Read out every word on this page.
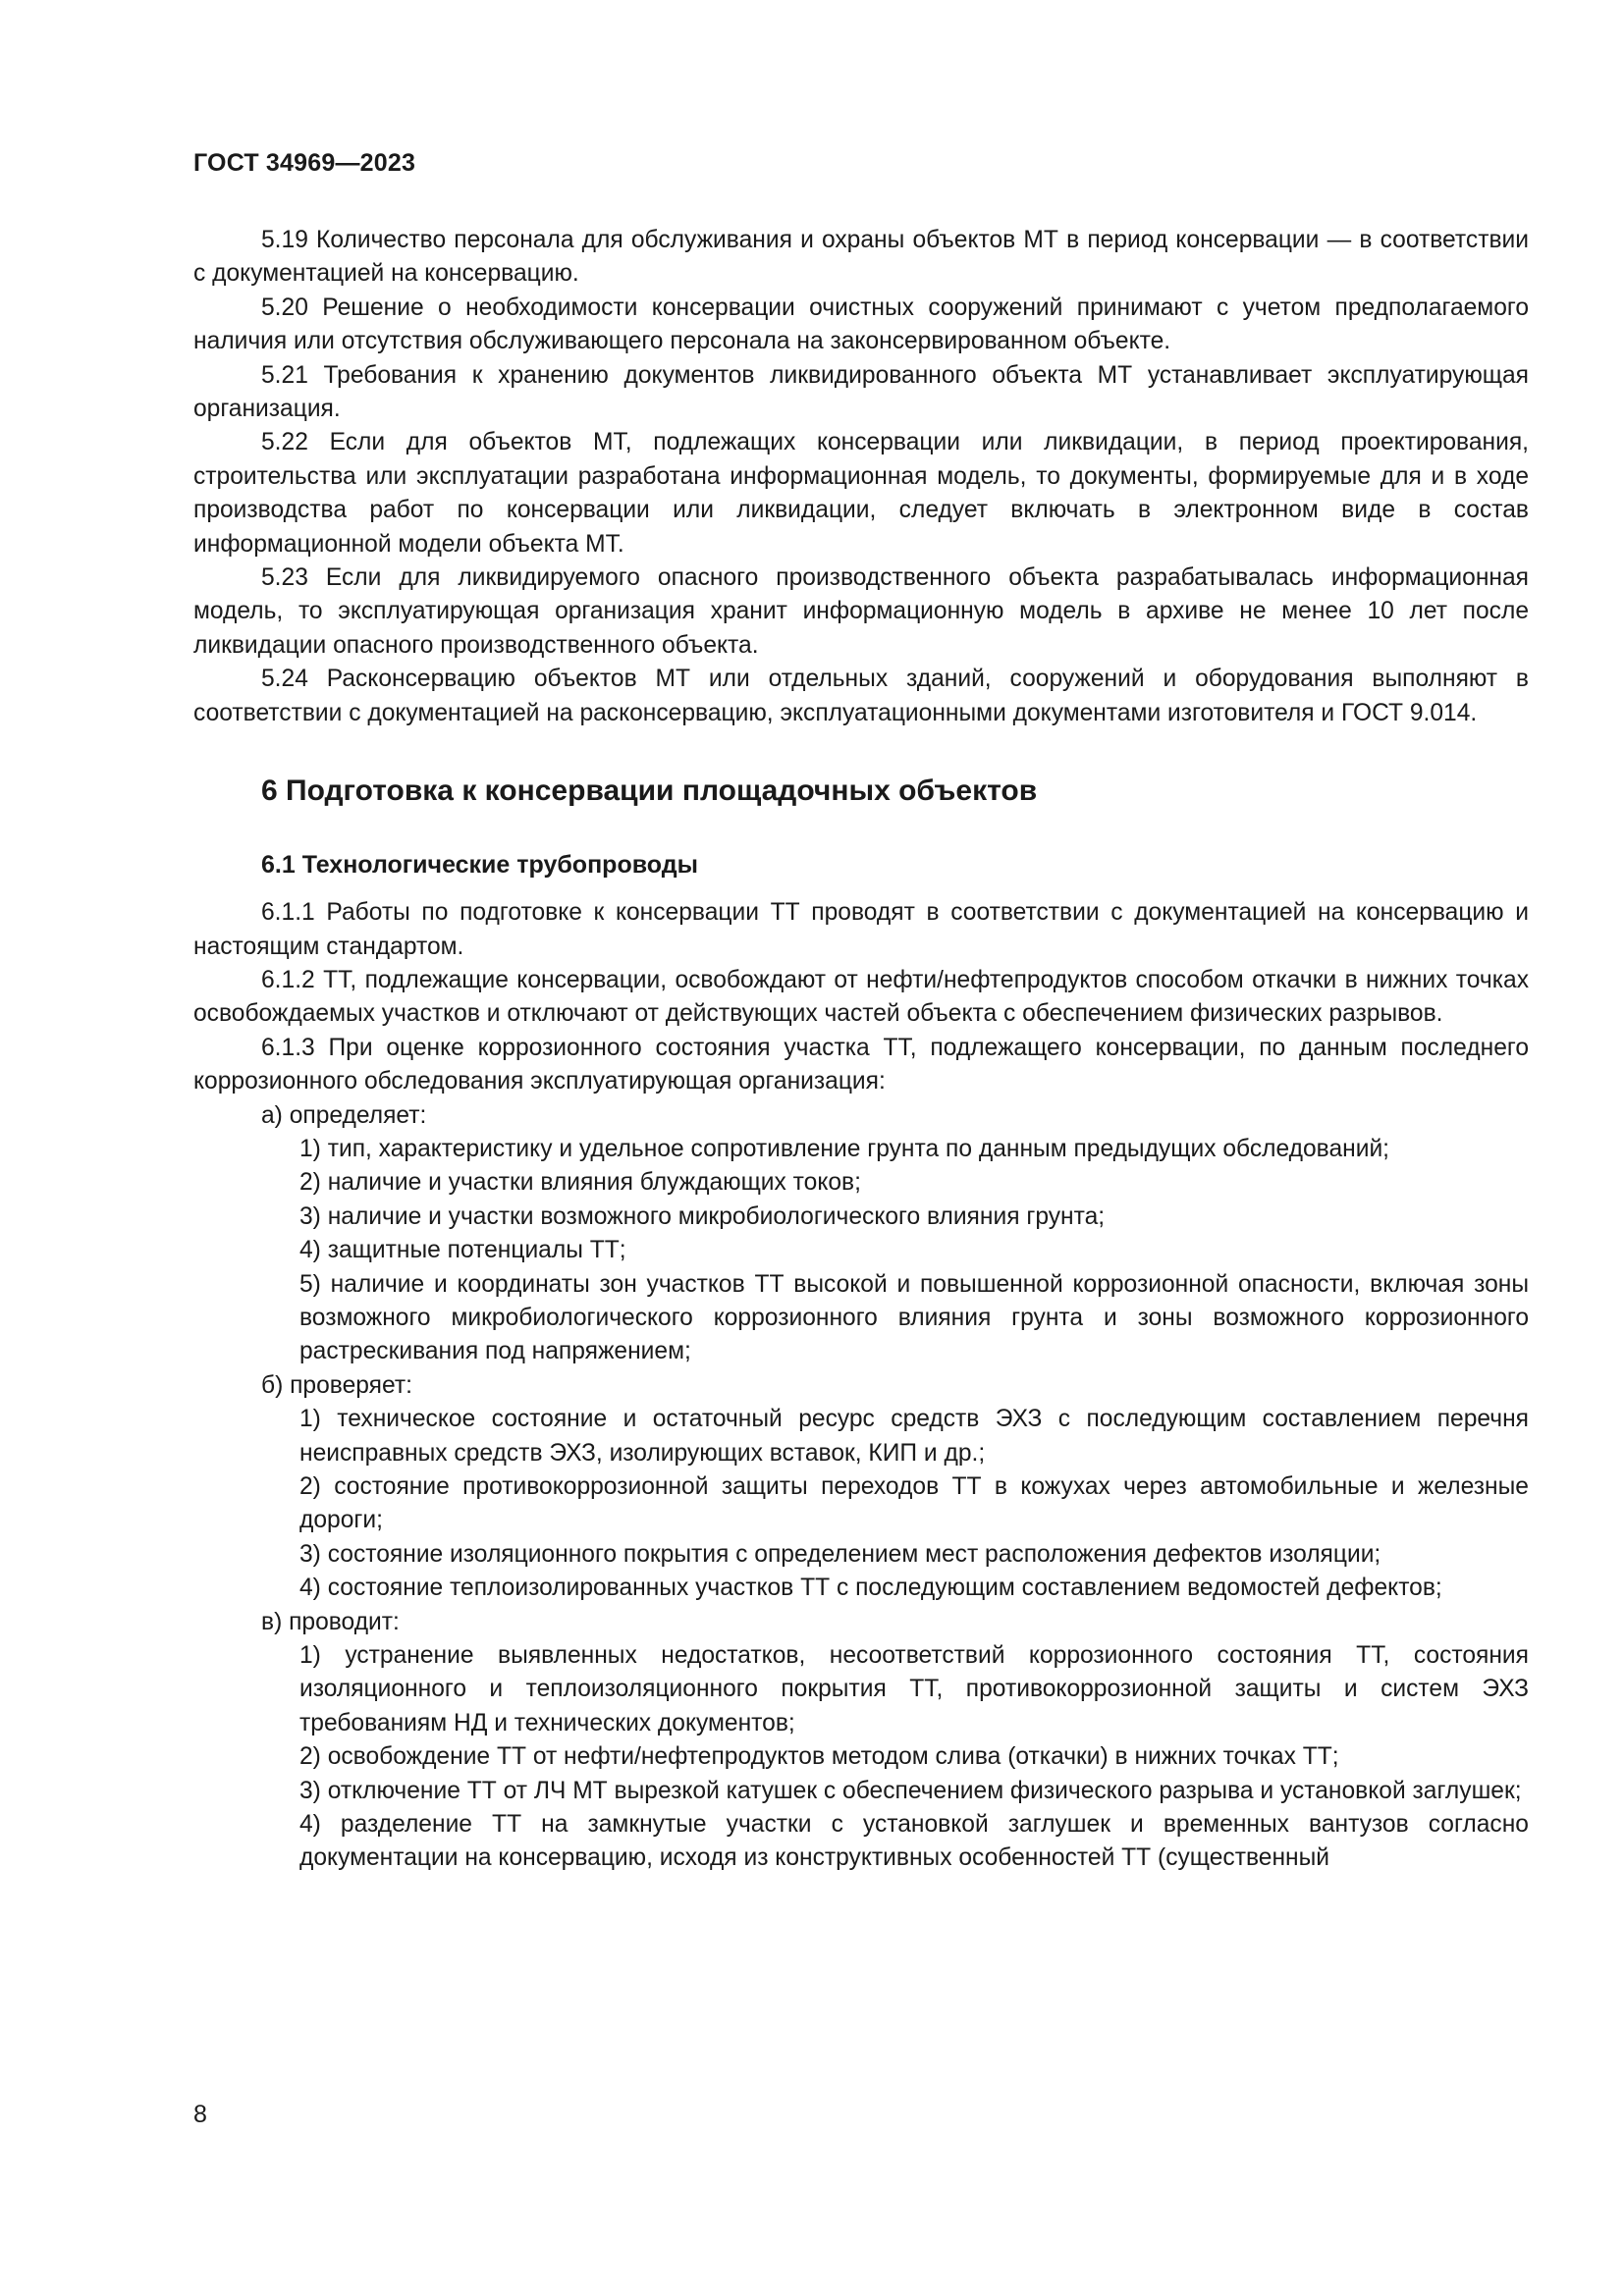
ГОСТ 34969—2023

5.19 Количество персонала для обслуживания и охраны объектов МТ в период консервации — в соответствии с документацией на консервацию.

5.20 Решение о необходимости консервации очистных сооружений принимают с учетом предполагаемого наличия или отсутствия обслуживающего персонала на законсервированном объекте.

5.21 Требования к хранению документов ликвидированного объекта МТ устанавливает эксплуатирующая организация.

5.22 Если для объектов МТ, подлежащих консервации или ликвидации, в период проектирования, строительства или эксплуатации разработана информационная модель, то документы, формируемые для и в ходе производства работ по консервации или ликвидации, следует включать в электронном виде в состав информационной модели объекта МТ.

5.23 Если для ликвидируемого опасного производственного объекта разрабатывалась информационная модель, то эксплуатирующая организация хранит информационную модель в архиве не менее 10 лет после ликвидации опасного производственного объекта.

5.24 Расконсервацию объектов МТ или отдельных зданий, сооружений и оборудования выполняют в соответствии с документацией на расконсервацию, эксплуатационными документами изготовителя и ГОСТ 9.014.

6 Подготовка к консервации площадочных объектов
6.1 Технологические трубопроводы

6.1.1 Работы по подготовке к консервации ТТ проводят в соответствии с документацией на консервацию и настоящим стандартом.

6.1.2 ТТ, подлежащие консервации, освобождают от нефти/нефтепродуктов способом откачки в нижних точках освобождаемых участков и отключают от действующих частей объекта с обеспечением физических разрывов.

6.1.3 При оценке коррозионного состояния участка ТТ, подлежащего консервации, по данным последнего коррозионного обследования эксплуатирующая организация:

а) определяет:

1) тип, характеристику и удельное сопротивление грунта по данным предыдущих обследований;

2) наличие и участки влияния блуждающих токов;

3) наличие и участки возможного микробиологического влияния грунта;

4) защитные потенциалы ТТ;

5) наличие и координаты зон участков ТТ высокой и повышенной коррозионной опасности, включая зоны возможного микробиологического коррозионного влияния грунта и зоны возможного коррозионного растрескивания под напряжением;

б) проверяет:

1) техническое состояние и остаточный ресурс средств ЭХЗ с последующим составлением перечня неисправных средств ЭХЗ, изолирующих вставок, КИП и др.;

2) состояние противокоррозионной защиты переходов ТТ в кожухах через автомобильные и железные дороги;

3) состояние изоляционного покрытия с определением мест расположения дефектов изоляции;

4) состояние теплоизолированных участков ТТ с последующим составлением ведомостей дефектов;

в) проводит:

1) устранение выявленных недостатков, несоответствий коррозионного состояния ТТ, состояния изоляционного и теплоизоляционного покрытия ТТ, противокоррозионной защиты и систем ЭХЗ требованиям НД и технических документов;

2) освобождение ТТ от нефти/нефтепродуктов методом слива (откачки) в нижних точках ТТ;

3) отключение ТТ от ЛЧ МТ вырезкой катушек с обеспечением физического разрыва и установкой заглушек;

4) разделение ТТ на замкнутые участки с установкой заглушек и временных вантузов согласно документации на консервацию, исходя из конструктивных особенностей ТТ (существенный

8
